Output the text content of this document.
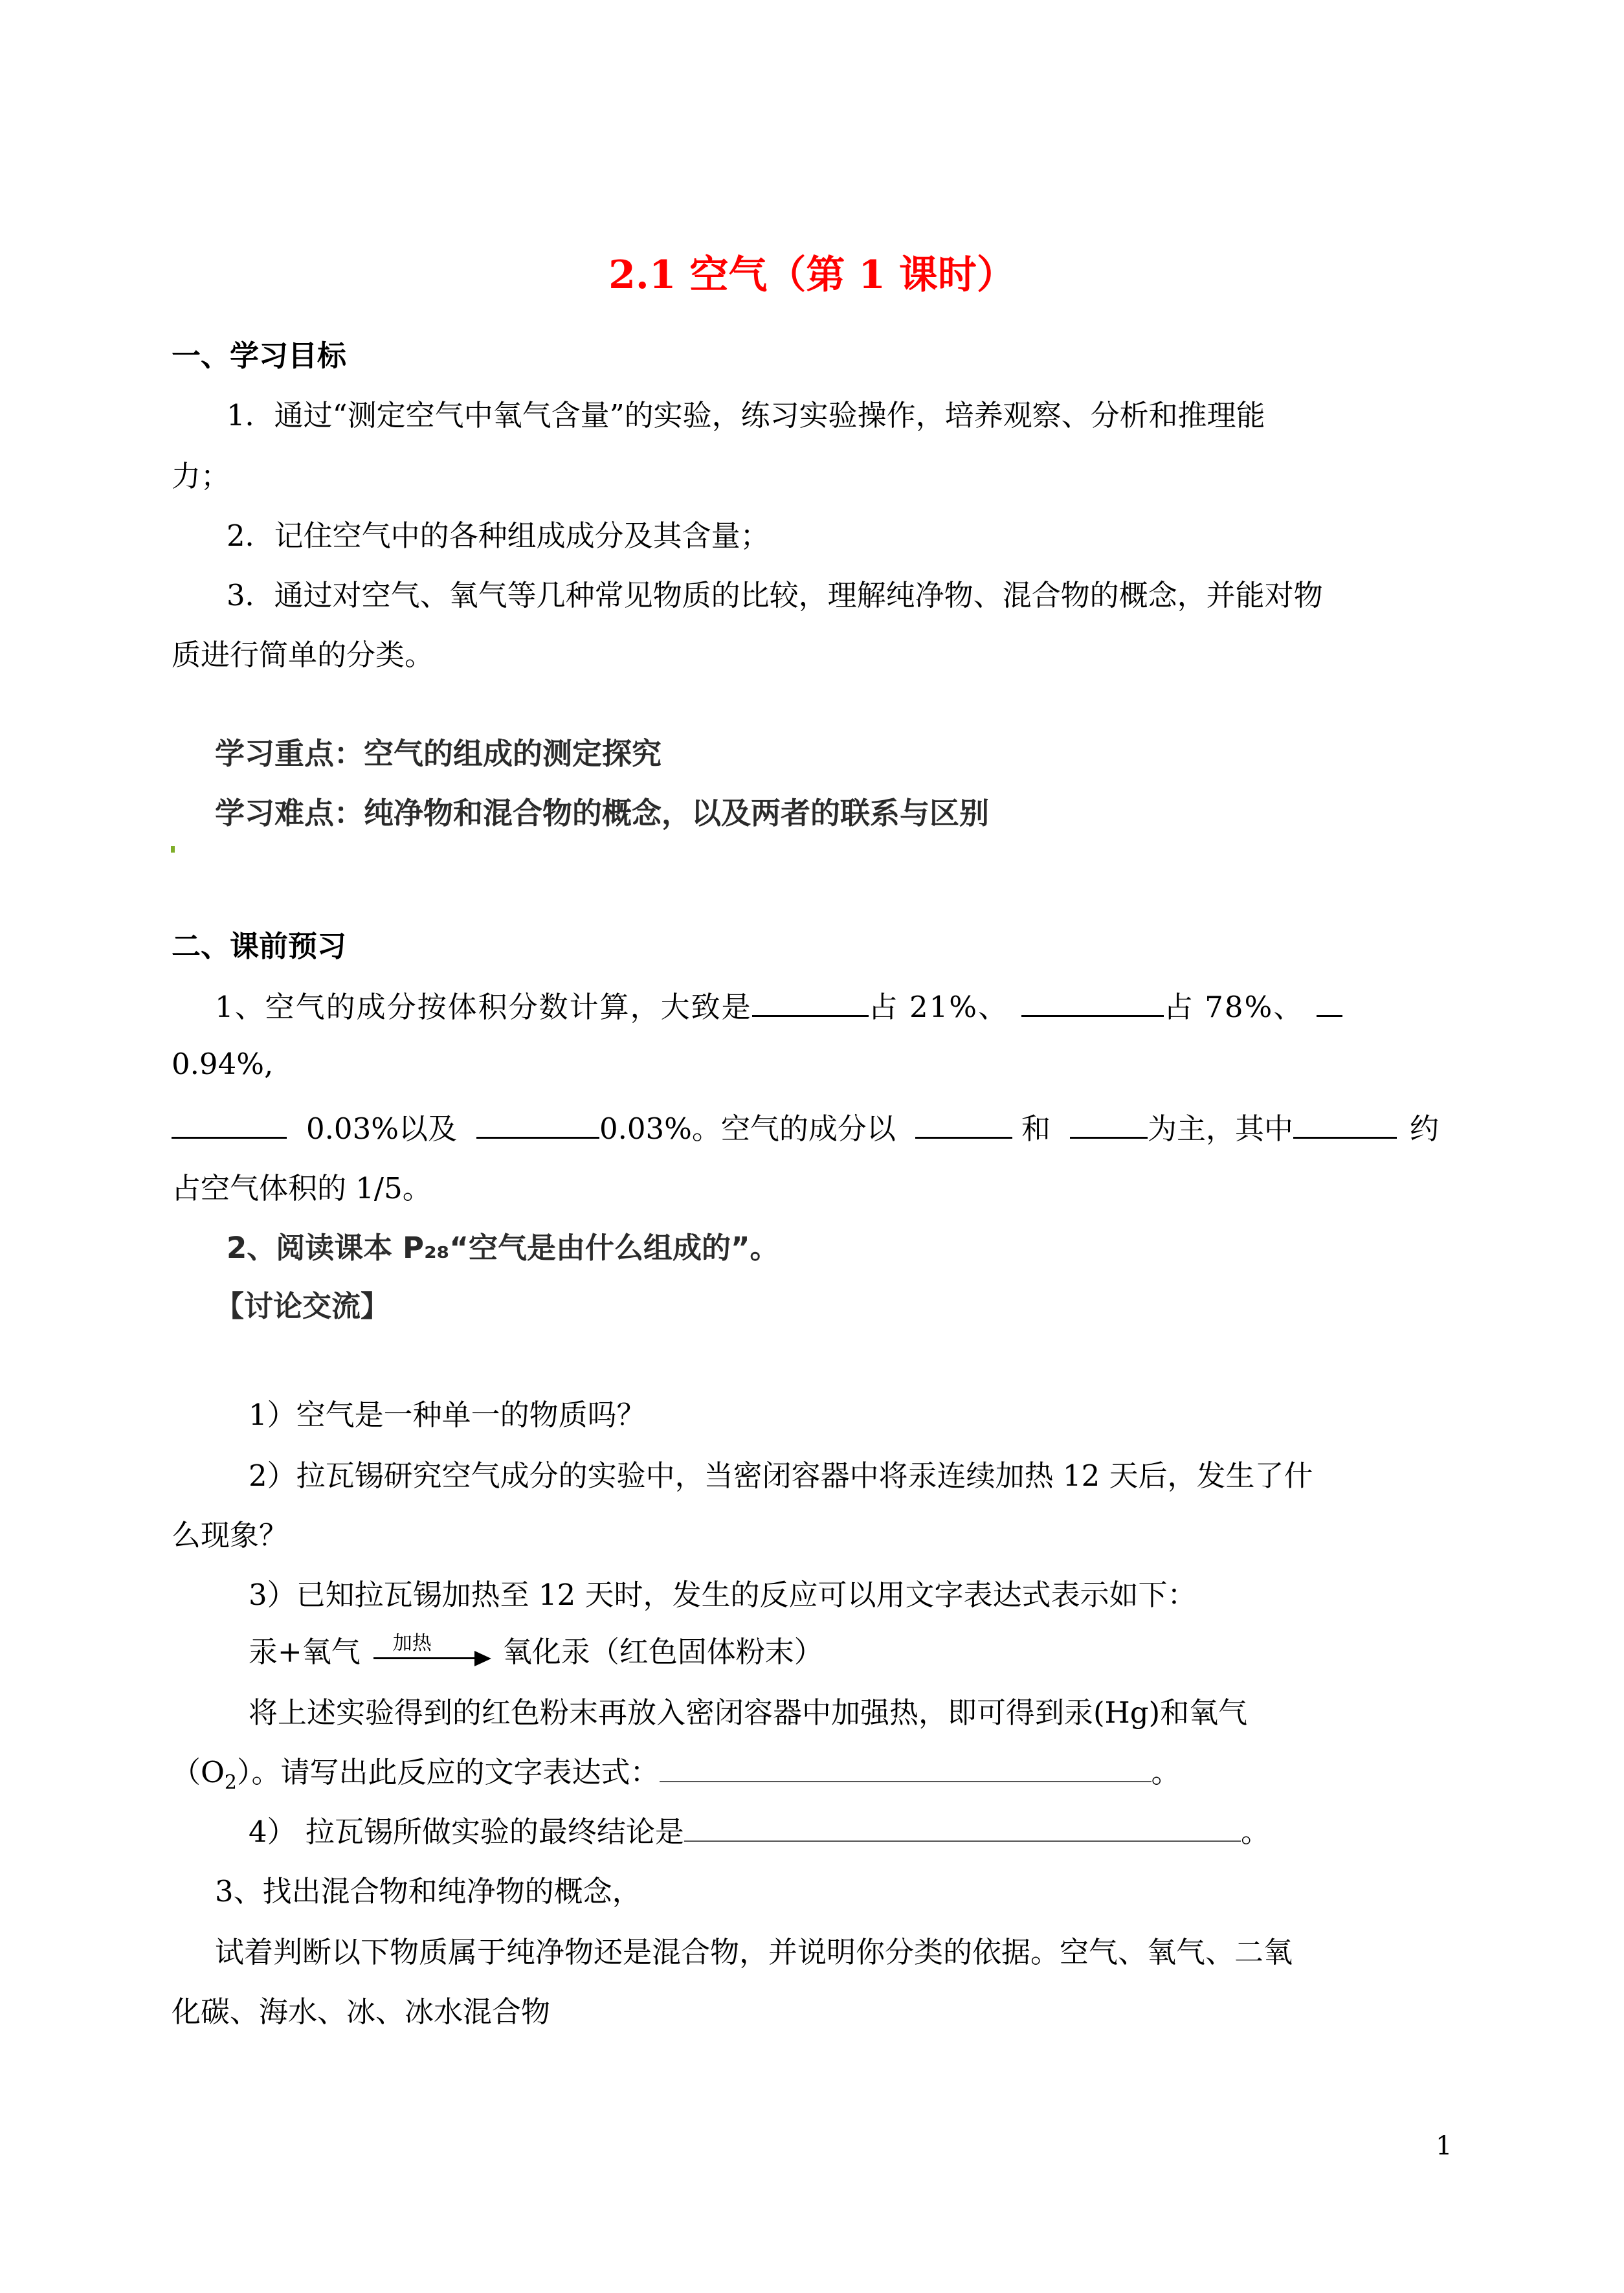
2.1 空气（第 1 课时）

一、学习目标

1．通过“测定空气中氧气含量”的实验，练习实验操作，培养观察、分析和推理能

力；

2．记住空气中的各种组成成分及其含量；

3．通过对空气、氧气等几种常见物质的比较，理解纯净物、混合物的概念，并能对物

质进行简单的分类。

学习重点：空气的组成的测定探究

学习难点：纯净物和混合物的概念，以及两者的联系与区别

二、课前预习

1、空气的成分按体积分数计算，大致是	占 21%、	占 78%、

0.94%,

0.03%以及	0.03%。空气的成分以	和	为主，其中	约

占空气体积的 1/5。

2、阅读课本 P₂₈“空气是由什么组成的”。

【讨论交流】

1）空气是一种单一的物质吗？

2）拉瓦锡研究空气成分的实验中，当密闭容器中将汞连续加热 12 天后，发生了什

么现象？

3）已知拉瓦锡加热至 12 天时，发生的反应可以用文字表达式表示如下：

汞+氧气 加热 氧化汞（红色固体粉末）

将上述实验得到的红色粉末再放入密闭容器中加强热，即可得到汞(Hg)和氧气

$(O_2)$。请写出此反应的文字表达式：	。

4） 拉瓦锡所做实验的最终结论是	。

3、找出混合物和纯净物的概念，

试着判断以下物质属于纯净物还是混合物，并说明你分类的依据。空气、氧气、二氧

化碳、海水、冰、冰水混合物

1
